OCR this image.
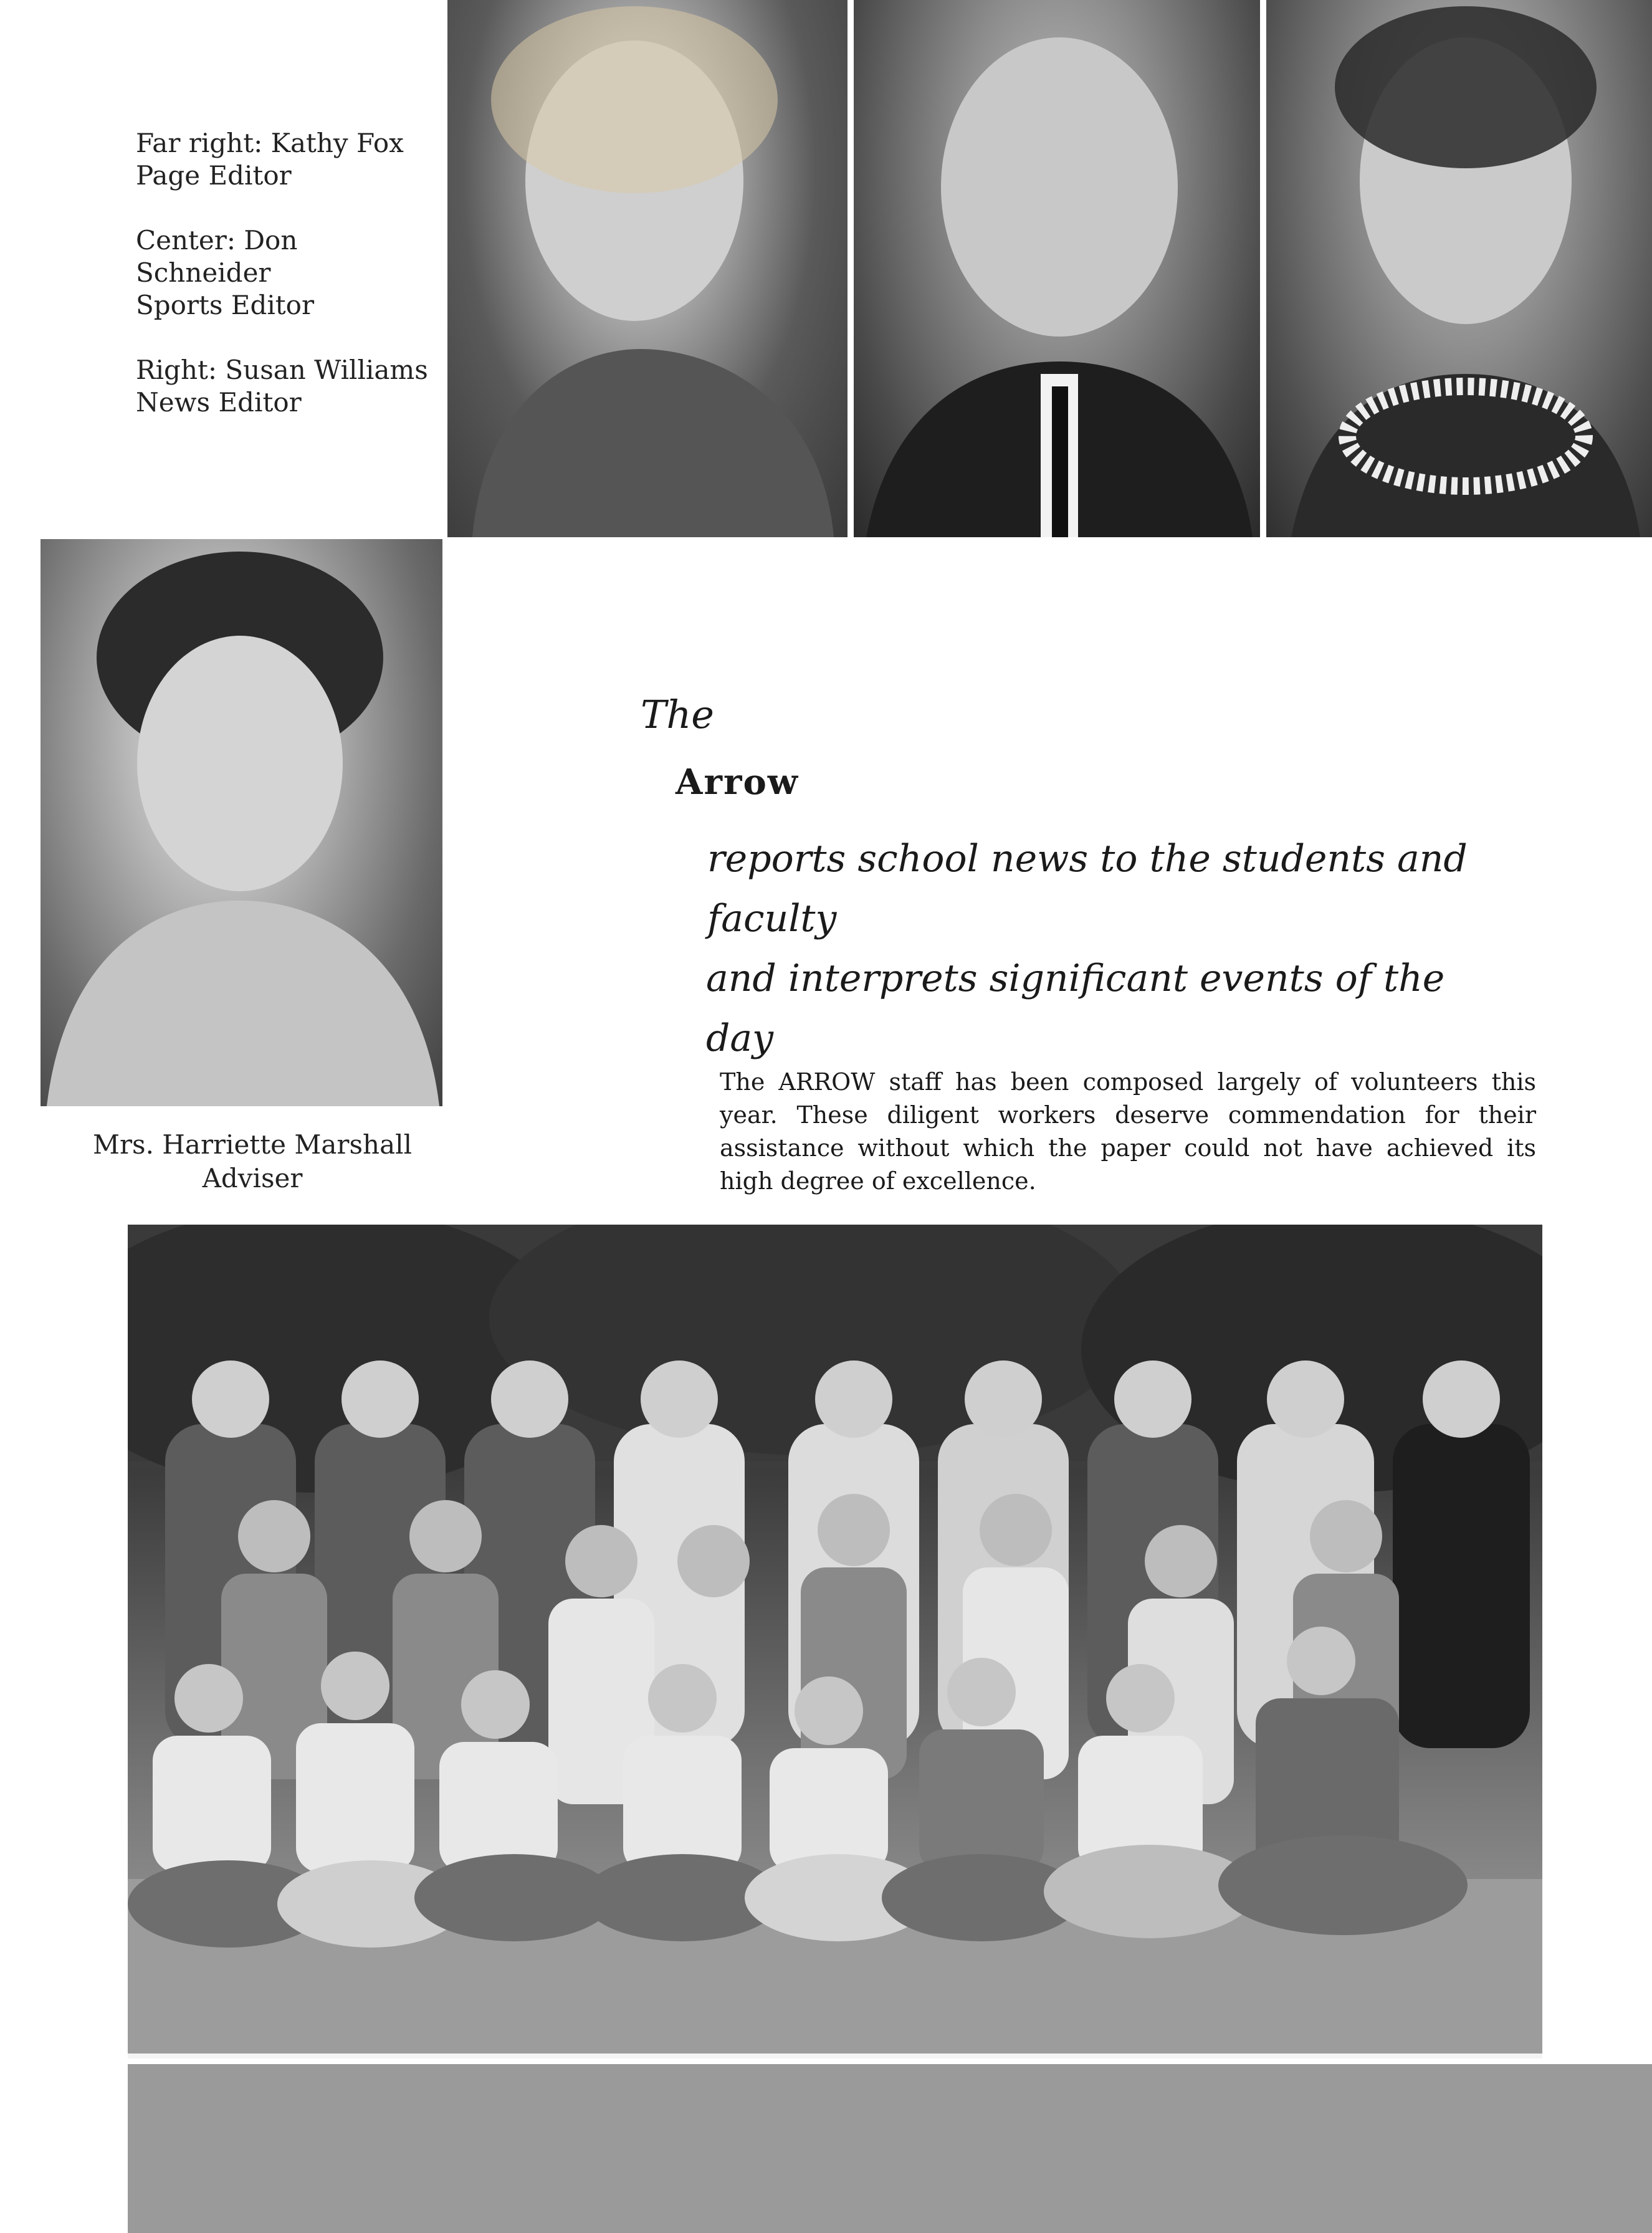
Far right: Kathy Fox
Page Editor
Center: Don Schneider
Sports Editor
Right: Susan Williams
News Editor
The
Arrow
reports school news to the students and faculty
and interprets significant events of the day
The ARROW staff has been composed largely of volunteers this year. These diligent workers deserve commendation for their assistance without which the paper could not have achieved its high degree of excellence.
Mrs. Harriette Marshall
Adviser
